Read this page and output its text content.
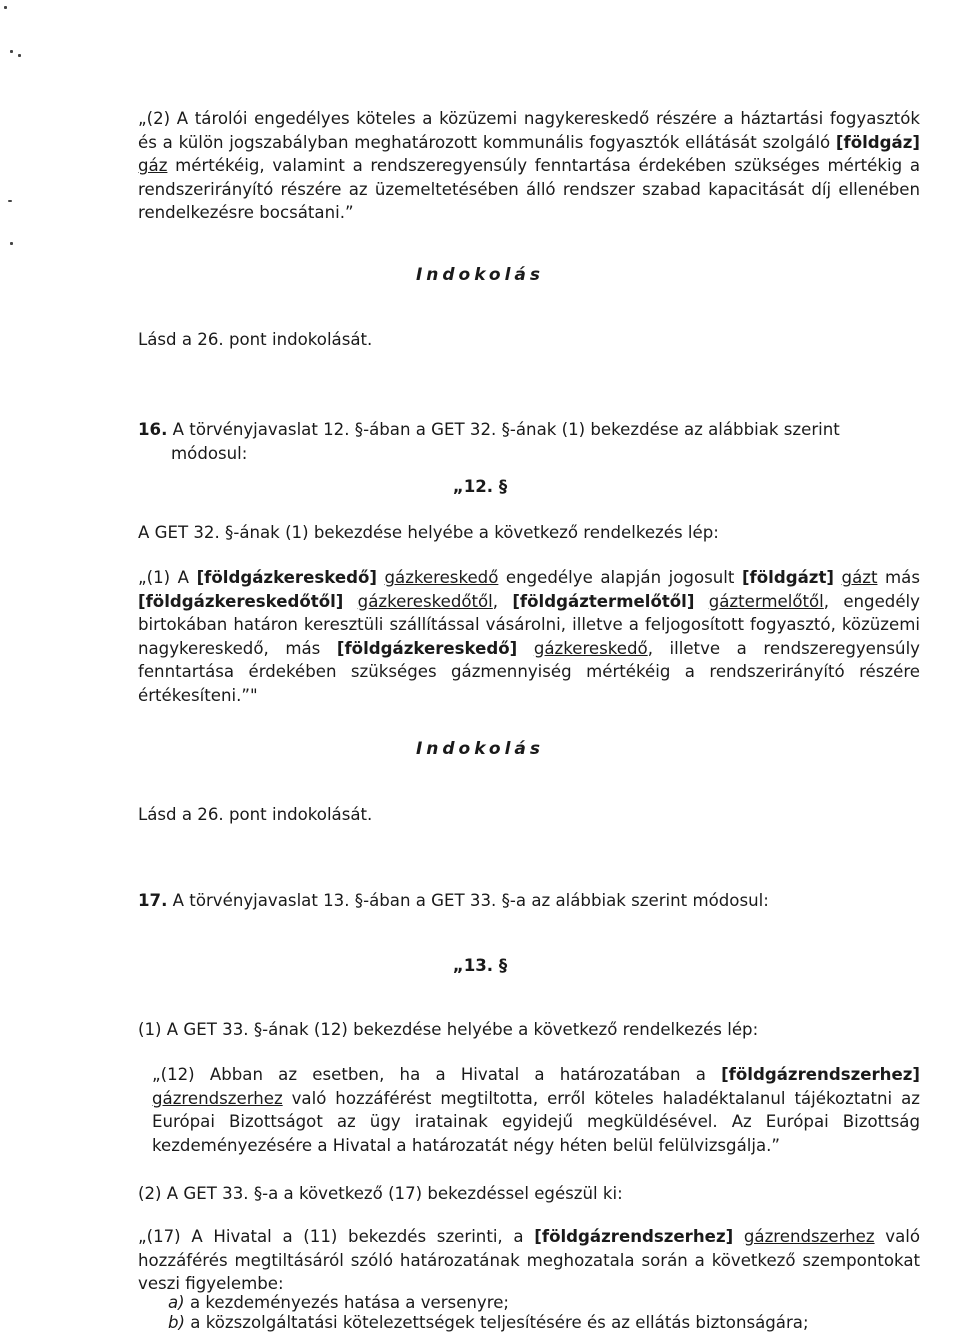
„(2) A tárolói engedélyes köteles a közüzemi nagykereskedő részére a háztartási fogyasztók és a külön jogszabályban meghatározott kommunális fogyasztók ellátását szolgáló [földgáz] gáz mértékéig, valamint a rendszeregyensúly fenntartása érdekében szükséges mértékig a rendszerirányító részére az üzemeltetésében álló rendszer szabad kapacitását díj ellenében rendelkezésre bocsátani.”
Indokolás
Lásd a 26. pont indokolását.
16. A törvényjavaslat 12. §-ában a GET 32. §-ának (1) bekezdése az alábbiak szerint
módosul:
„12. §
A GET 32. §-ának (1) bekezdése helyébe a következő rendelkezés lép:
„(1) A [földgázkereskedő] gázkereskedő engedélye alapján jogosult [földgázt] gázt más [földgázkereskedőtől] gázkereskedőtől, [földgáztermelőtől] gáztermelőtől, engedély birtokában határon keresztüli szállítással vásárolni, illetve a feljogosított fogyasztó, közüzemi nagykereskedő, más [földgázkereskedő] gázkereskedő, illetve a rendszeregyensúly fenntartása érdekében szükséges gázmennyiség mértékéig a rendszerirányító részére értékesíteni.”"
Indokolás
Lásd a 26. pont indokolását.
17. A törvényjavaslat 13. §-ában a GET 33. §-a az alábbiak szerint módosul:
„13. §
(1) A GET 33. §-ának (12) bekezdése helyébe a következő rendelkezés lép:
„(12) Abban az esetben, ha a Hivatal a határozatában a [földgázrendszerhez] gázrendszerhez való hozzáférést megtiltotta, erről köteles haladéktalanul tájékoztatni az Európai Bizottságot az ügy iratainak egyidejű megküldésével. Az Európai Bizottság kezdeményezésére a Hivatal a határozatát négy héten belül felülvizsgálja.”
(2) A GET 33. §-a a következő (17) bekezdéssel egészül ki:
„(17) A Hivatal a (11) bekezdés szerinti, a [földgázrendszerhez] gázrendszerhez való hozzáférés megtiltásáról szóló határozatának meghozatala során a következő szempontokat veszi figyelembe:
a) a kezdeményezés hatása a versenyre;
b) a közszolgáltatási kötelezettségek teljesítésére és az ellátás biztonságára;
